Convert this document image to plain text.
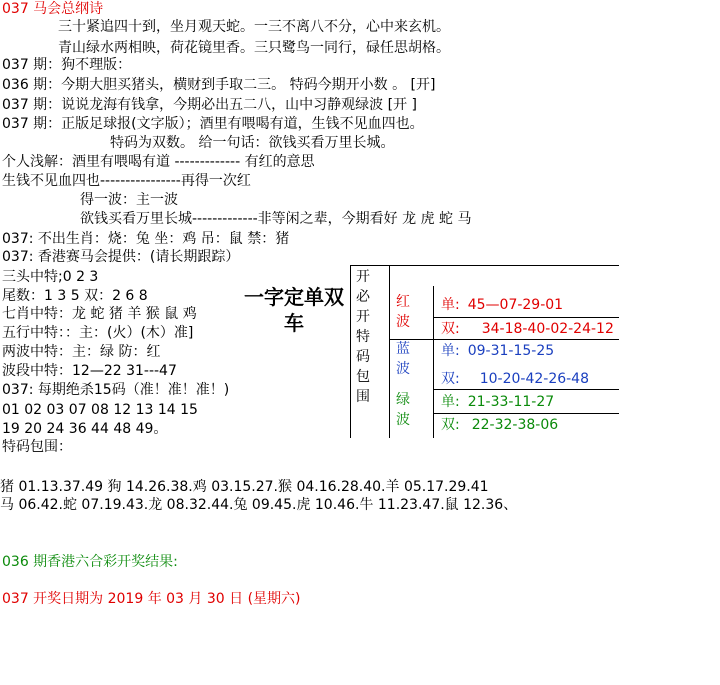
037 马会总纲诗
三十紧追四十到，坐月观天蛇。一三不离八不分，心中来玄机。
青山绿水两相映，荷花镜里香。三只鹭鸟一同行，碌任思胡格。
037 期：狗不理版：
036 期：今期大胆买猪头，横财到手取二三。 特码今期开小数 。 [开]
037 期：说说龙海有钱拿，今期必出五二八，山中习静观绿波 [开 ]
037 期：正版足球报(文字版）；酒里有喂喝有道，生钱不见血四也。
特码为双数。 给一句话：欲钱买看万里长城。
个人浅解：酒里有喂喝有道 ------------- 有红的意思
生钱不见血四也----------------再得一次红
得一波：主一波
欲钱买看万里长城-------------非等闲之辈，今期看好 龙 虎 蛇 马
037: 不出生肖：烧：兔 坐：鸡 吊：鼠 禁：猪
037: 香港赛马会提供：(请长期跟踪）
三头中特;0 2 3
尾数：1 3 5 双：2 6 8
七肖中特：龙 蛇 猪 羊 猴 鼠 鸡
五行中特：：主：(火）(木）准]
两波中特：主：绿 防：红
波段中特：12—22 31---47
037: 每期绝杀15码（准！准！准！)
01 02 03 07 08 12 13 14 15
19 20 24 36 44 48 49。
特码包围：
一字定单双车
开必开特码包围
红波
蓝波
绿波
单: 45—07-29-01
双: 34-18-40-02-24-12
单: 09-31-15-25
双: 10-20-42-26-48
单: 21-33-11-27
双: 22-32-38-06
猪 01.13.37.49 狗 14.26.38.鸡 03.15.27.猴 04.16.28.40.羊 05.17.29.41
马 06.42.蛇 07.19.43.龙 08.32.44.兔 09.45.虎 10.46.牛 11.23.47.鼠 12.36、
036 期香港六合彩开奖结果:
037 开奖日期为 2019 年 03 月 30 日 (星期六)
